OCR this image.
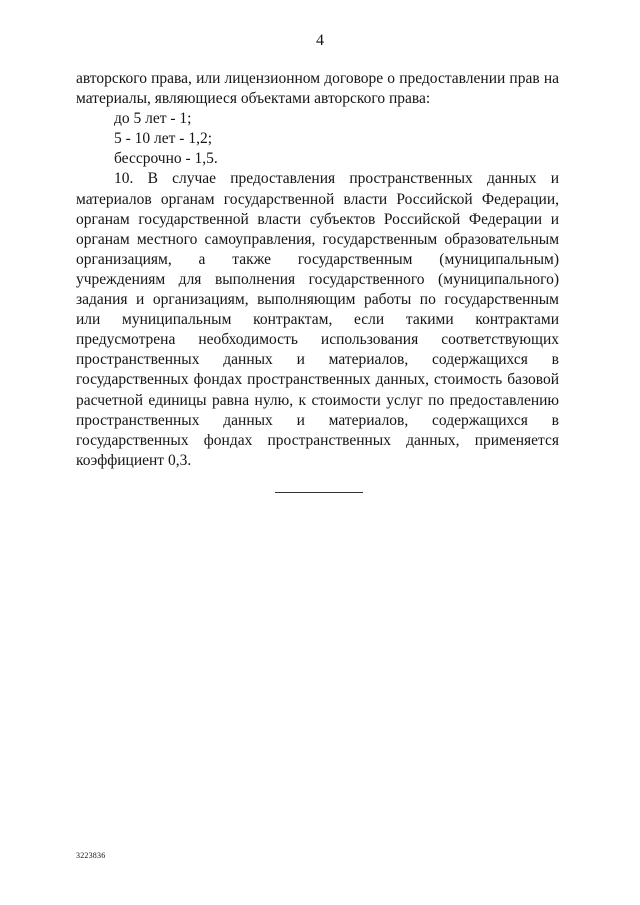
4

авторского права, или лицензионном договоре о предоставлении прав на материалы, являющиеся объектами авторского права:

до 5 лет - 1;

5 - 10 лет - 1,2;

бессрочно - 1,5.

10. В случае предоставления пространственных данных и материалов органам государственной власти Российской Федерации, органам государственной власти субъектов Российской Федерации и органам местного самоуправления, государственным образовательным организациям, а также государственным (муниципальным) учреждениям для выполнения государственного (муниципального) задания и организациям, выполняющим работы по государственным или муниципальным контрактам, если такими контрактами предусмотрена необходимость использования соответствующих пространственных данных и материалов, содержащихся в государственных фондах пространственных данных, стоимость базовой расчетной единицы равна нулю, к стоимости услуг по предоставлению пространственных данных и материалов, содержащихся в государственных фондах пространственных данных, применяется коэффициент 0,3.

3223836
